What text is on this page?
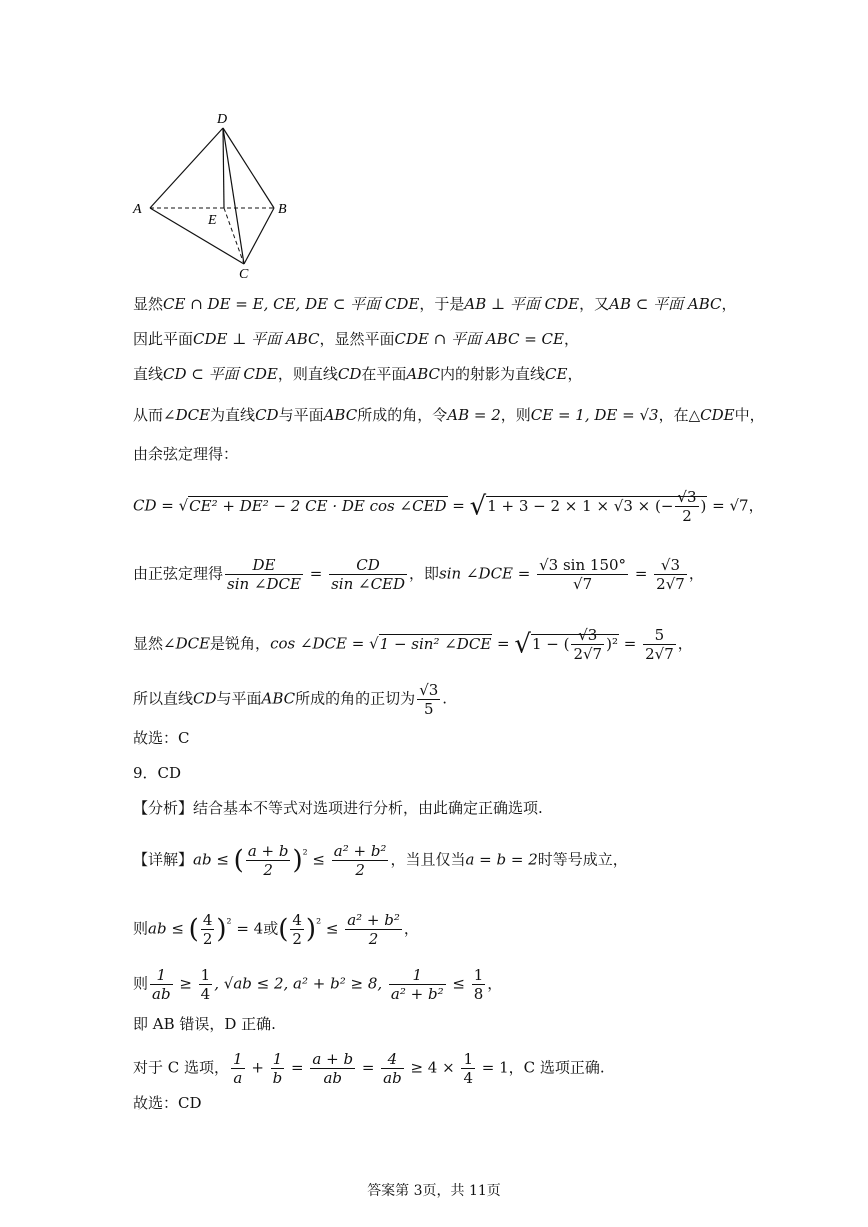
D
A	B
E
C
显然CE ∩ DE = E, CE, DE ⊂ 平面 CDE，于是AB ⊥ 平面 CDE，又AB ⊂ 平面 ABC，
因此平面CDE ⊥ 平面 ABC，显然平面CDE ∩ 平面 ABC = CE，
直线CD ⊂ 平面 CDE，则直线CD在平面ABC内的射影为直线CE，
从而∠DCE为直线CD与平面ABC所成的角，令AB = 2，则CE = 1, DE = √3，在△CDE中，
由余弦定理得：
CD = √CE² + DE² − 2 CE · DE cos ∠CED = √1 + 3 − 2 × 1 × √3 × (− $\frac{√3}{2}$ ) = √7，
由正弦定理得 $\frac{DE}{\text{sin ∠DCE}} = \frac{CD}{\text{sin ∠CED}}$ ，即sin ∠DCE = $\frac{√3 \sin 150^\circ}{√7} = \frac{√3}{2√7}$ ，
显然∠DCE是锐角，cos ∠DCE = √1 − sin² ∠DCE = √1 − ( $\frac{√3}{2√7} )^2 = \frac{5}{2√7}$ ，
所以直线CD与平面ABC所成的角的正切为 $\frac{√3}{5}$ .
故选：C
9．CD
【分析】结合基本不等式对选项进行分析，由此确定正确选项.
【详解】ab ≤ ( $\frac{a + b}{2} )^{^2} \le \frac{\text{a² + b²}}{2}$ ，当且仅当a = b = 2时等号成立，
则ab ≤ ( $\frac{4}{2} )^{^2} = 4$或( $\frac{4}{2} )^{^2} \le \frac{\text{a² + b²}}{2}$ ，
则 $\frac{1}{ab} \ge \frac{1}{4}$ , √ab ≤ 2, a² + b² ≥ 8, $\frac{1}{\text{a² + b²}} \le \frac{1}{8}$ ，
即 AB 错误，D 正确.
对于 C 选项， $\frac{1}{a} + \frac{1}{b} = \frac{a + b}{ab} = \frac{4}{ab} \ge 4 \times \frac{1}{4} = 1$，C 选项正确.
故选：CD
答案第 3页，共 11页
